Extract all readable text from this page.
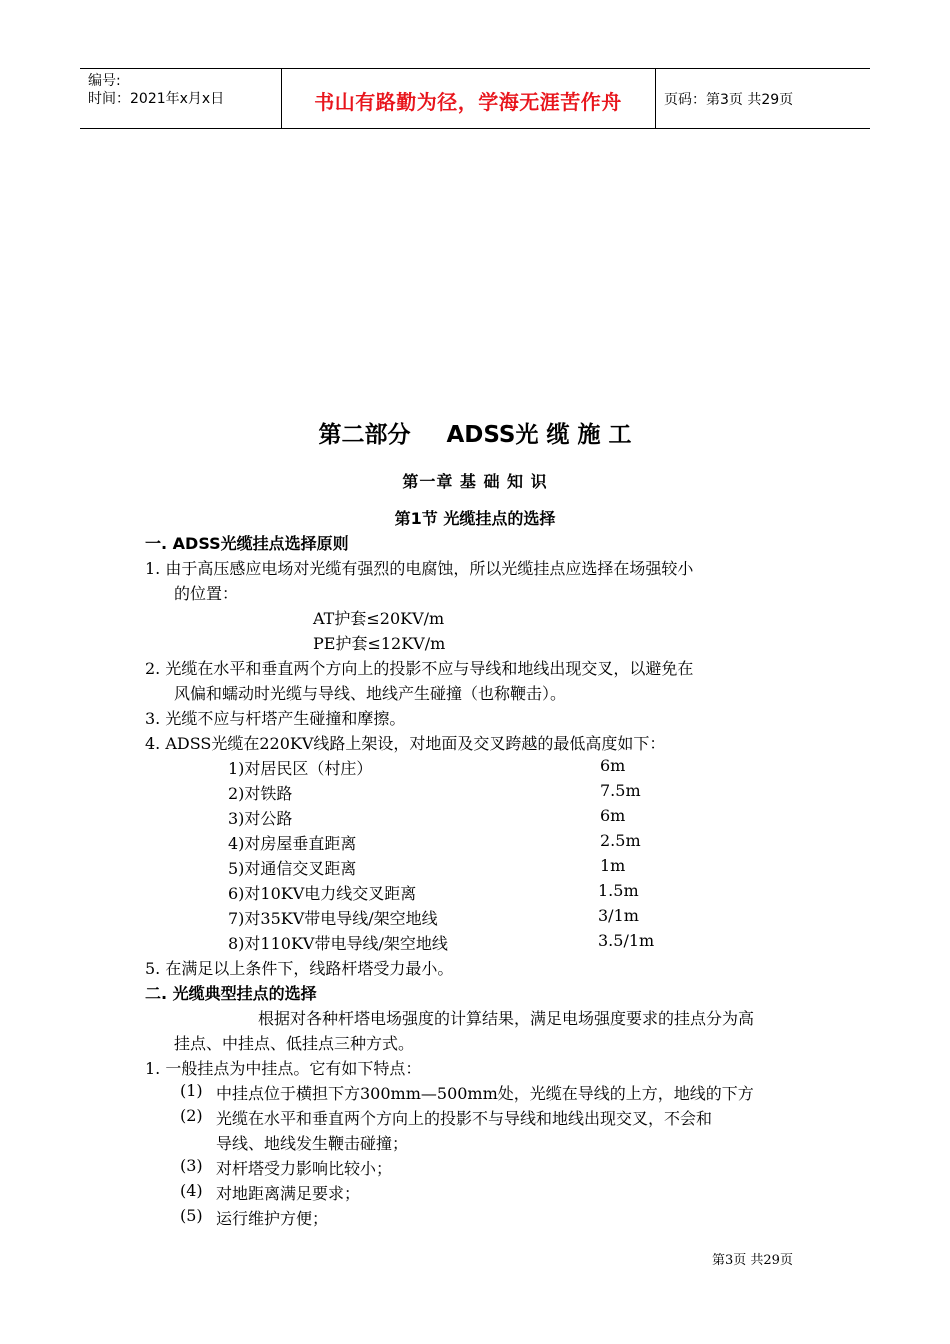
编号:
时间：2021年x月x日	书山有路勤为径，学海无涯苦作舟	页码：第3页 共29页
第二部分 ADSS光 缆 施 工
第一章 基 础 知 识
第1节 光缆挂点的选择
一. ADSS光缆挂点选择原则
1. 由于高压感应电场对光缆有强烈的电腐蚀，所以光缆挂点应选择在场强较小
的位置：
AT护套≤20KV/m
PE护套≤12KV/m
2. 光缆在水平和垂直两个方向上的投影不应与导线和地线出现交叉，以避免在
风偏和蠕动时光缆与导线、地线产生碰撞（也称鞭击）。
3. 光缆不应与杆塔产生碰撞和摩擦。
4. ADSS光缆在220KV线路上架设，对地面及交叉跨越的最低高度如下：
1)对居民区（村庄）	6m
2)对铁路	7.5m
3)对公路	6m
4)对房屋垂直距离	2.5m
5)对通信交叉距离	1m
6)对10KV电力线交叉距离	1.5m
7)对35KV带电导线/架空地线	3/1m
8)对110KV带电导线/架空地线	3.5/1m
5. 在满足以上条件下，线路杆塔受力最小。
二. 光缆典型挂点的选择
根据对各种杆塔电场强度的计算结果，满足电场强度要求的挂点分为高
挂点、中挂点、低挂点三种方式。
1. 一般挂点为中挂点。它有如下特点：
(1) 中挂点位于横担下方300mm—500mm处，光缆在导线的上方，地线的下方
(2) 光缆在水平和垂直两个方向上的投影不与导线和地线出现交叉，不会和
导线、地线发生鞭击碰撞；
(3) 对杆塔受力影响比较小；
(4) 对地距离满足要求；
(5) 运行维护方便；
第3页 共29页
